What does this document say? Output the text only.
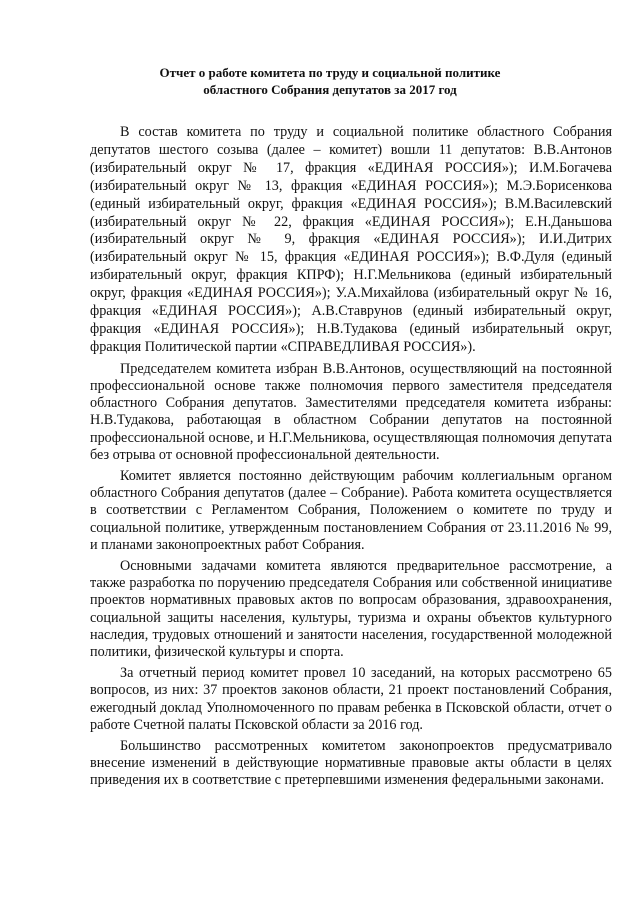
Отчет о работе комитета по труду и социальной политике
областного Собрания депутатов за 2017 год

В состав комитета по труду и социальной политике областного Собрания депутатов шестого созыва (далее – комитет) вошли 11 депутатов: В.В.Антонов (избирательный округ № 17, фракция «ЕДИНАЯ РОССИЯ»); И.М.Богачева (избирательный округ № 13, фракция «ЕДИНАЯ РОССИЯ»); М.Э.Борисенкова (единый избирательный округ, фракция «ЕДИНАЯ РОССИЯ»); В.М.Василевский (избирательный округ № 22, фракция «ЕДИНАЯ РОССИЯ»); Е.Н.Даньшова (избирательный округ № 9, фракция «ЕДИНАЯ РОССИЯ»); И.И.Дитрих (избирательный округ № 15, фракция «ЕДИНАЯ РОССИЯ»); В.Ф.Дуля (единый избирательный округ, фракция КПРФ); Н.Г.Мельникова (единый избирательный округ, фракция «ЕДИНАЯ РОССИЯ»); У.А.Михайлова (избирательный округ № 16, фракция «ЕДИНАЯ РОССИЯ»); А.В.Ставрунов (единый избирательный округ, фракция «ЕДИНАЯ РОССИЯ»); Н.В.Тудакова (единый избирательный округ, фракция Политической партии «СПРАВЕДЛИВАЯ РОССИЯ»).

Председателем комитета избран В.В.Антонов, осуществляющий на постоянной профессиональной основе также полномочия первого заместителя председателя областного Собрания депутатов. Заместителями председателя комитета избраны: Н.В.Тудакова, работающая в областном Собрании депутатов на постоянной профессиональной основе, и Н.Г.Мельникова, осуществляющая полномочия депутата без отрыва от основной профессиональной деятельности.

Комитет является постоянно действующим рабочим коллегиальным органом областного Собрания депутатов (далее – Собрание). Работа комитета осуществляется в соответствии с Регламентом Собрания, Положением о комитете по труду и социальной политике, утвержденным постановлением Собрания от 23.11.2016 № 99, и планами законопроектных работ Собрания.

Основными задачами комитета являются предварительное рассмотрение, а также разработка по поручению председателя Собрания или собственной инициативе проектов нормативных правовых актов по вопросам образования, здравоохранения, социальной защиты населения, культуры, туризма и охраны объектов культурного наследия, трудовых отношений и занятости населения, государственной молодежной политики, физической культуры и спорта.

За отчетный период комитет провел 10 заседаний, на которых рассмотрено 65 вопросов, из них: 37 проектов законов области, 21 проект постановлений Собрания, ежегодный доклад Уполномоченного по правам ребенка в Псковской области, отчет о работе Счетной палаты Псковской области за 2016 год.

Большинство рассмотренных комитетом законопроектов предусматривало внесение изменений в действующие нормативные правовые акты области в целях приведения их в соответствие с претерпевшими изменения федеральными законами.
